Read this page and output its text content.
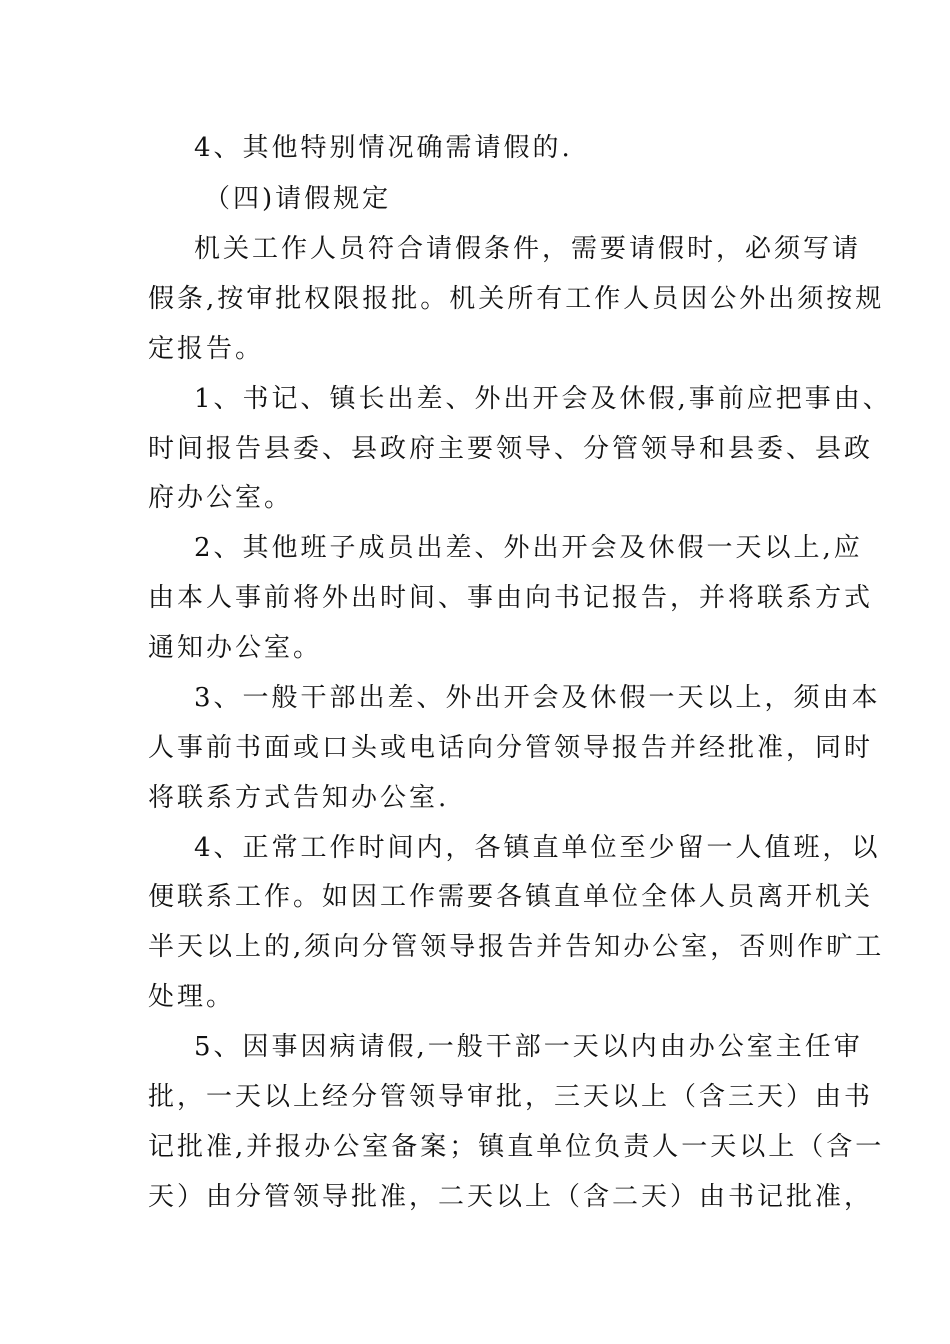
4、其他特别情况确需请假的.
（四)请假规定
机关工作人员符合请假条件，需要请假时，必须写请
假条,按审批权限报批。机关所有工作人员因公外出须按规
定报告。
1、书记、镇长出差、外出开会及休假,事前应把事由、
时间报告县委、县政府主要领导、分管领导和县委、县政
府办公室。
2、其他班子成员出差、外出开会及休假一天以上,应
由本人事前将外出时间、事由向书记报告，并将联系方式
通知办公室。
3、一般干部出差、外出开会及休假一天以上，须由本
人事前书面或口头或电话向分管领导报告并经批准，同时
将联系方式告知办公室.
4、正常工作时间内，各镇直单位至少留一人值班，以
便联系工作。如因工作需要各镇直单位全体人员离开机关
半天以上的,须向分管领导报告并告知办公室，否则作旷工
处理。
5、因事因病请假,一般干部一天以内由办公室主任审
批，一天以上经分管领导审批，三天以上（含三天）由书
记批准,并报办公室备案；镇直单位负责人一天以上（含一
天）由分管领导批准，二天以上（含二天）由书记批准，
